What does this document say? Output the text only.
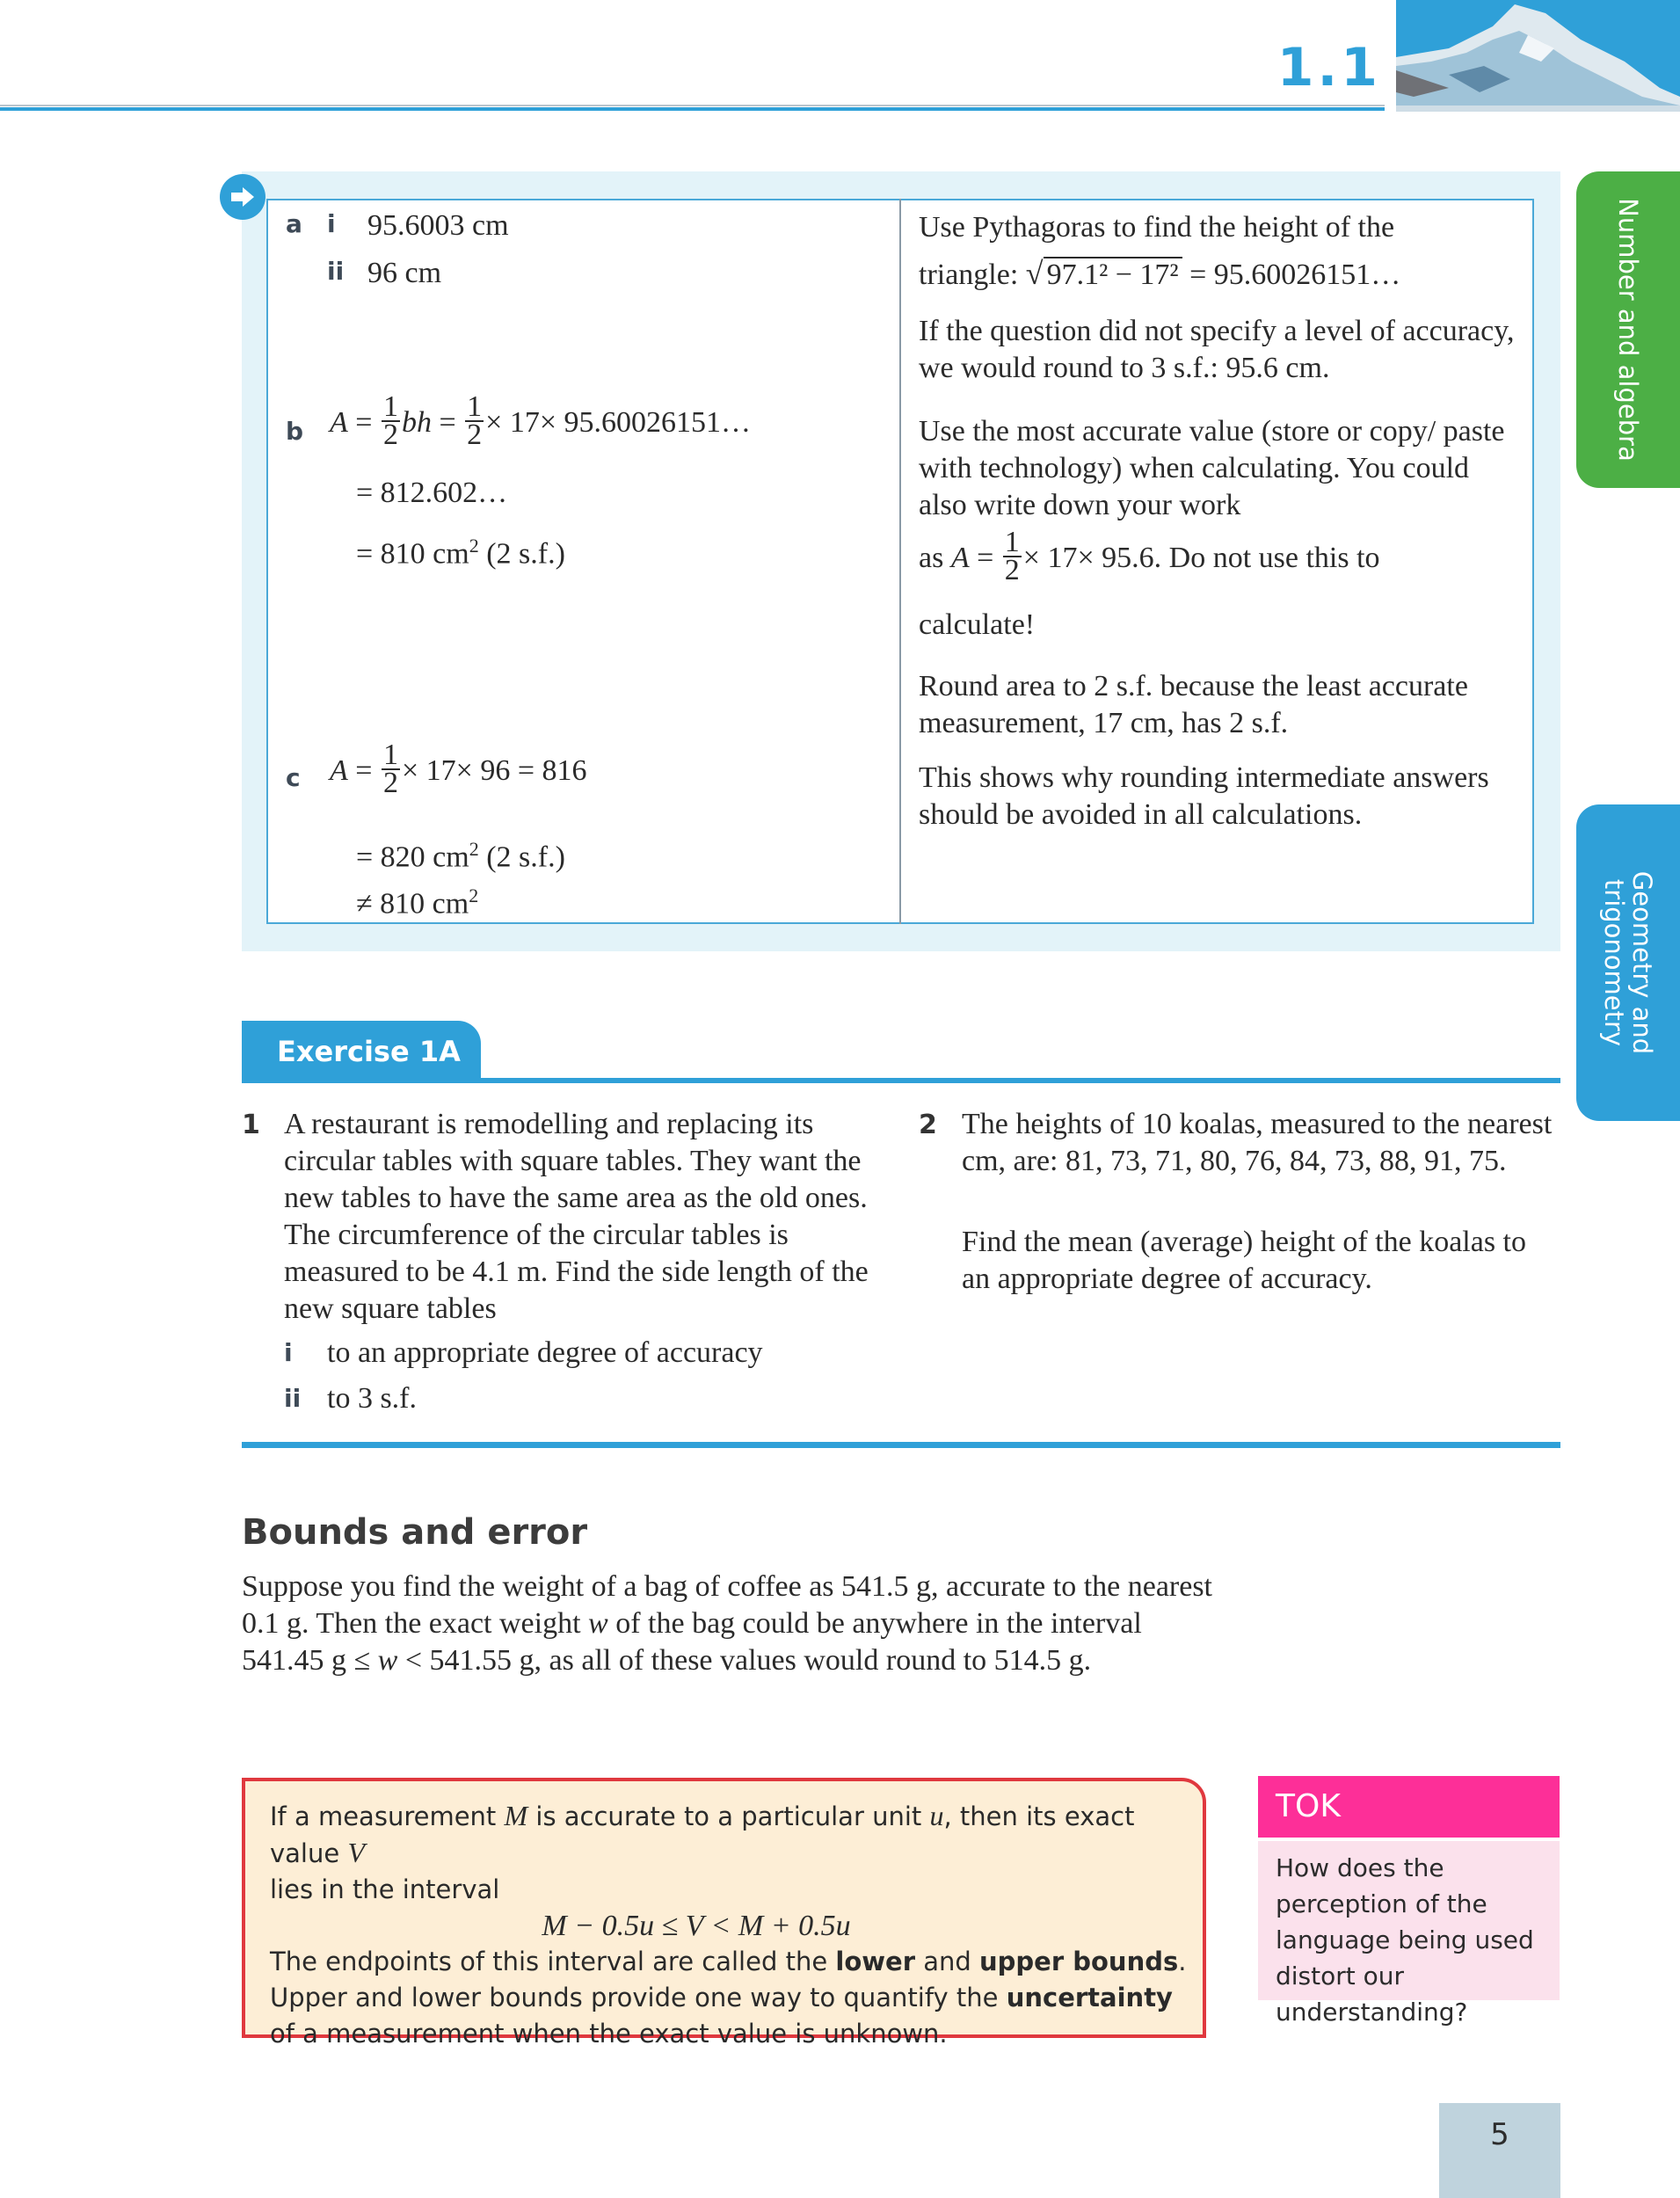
1.1
Number and algebra
Geometry and
trigonometry
a i 95.6003 cm
ii 96 cm
Use Pythagoras to find the height of the
triangle: √ 97.1² − 17² = 95.60026151…
If the question did not specify a level of accuracy, we would round to 3 s.f.: 95.6 cm.
b $A = \frac{1}{2}$ bh = $\frac{1}{2} \times 17\times$ 95.60026151…
= 812.602…
= 810 $cm^2$ (2 s.f.)
Use the most accurate value (store or copy/ paste with technology) when calculating. You could also write down your work
as $A = \frac{1}{2} \times 17\times 95.6$. Do not use this to
calculate!
Round area to 2 s.f. because the least accurate measurement, 17 cm, has 2 s.f.
c $A = \frac{1}{2} \times 17\times 96 = 816$
= 820 $cm^2$ (2 s.f.)
≠ 810 $cm^2$
This shows why rounding intermediate answers should be avoided in all calculations.
Exercise 1A
1 A restaurant is remodelling and replacing its circular tables with square tables. They want the new tables to have the same area as the old ones. The circumference of the circular tables is measured to be 4.1 m. Find the side length of the new square tables
i to an appropriate degree of accuracy
ii to 3 s.f.
2 The heights of 10 koalas, measured to the nearest cm, are: 81, 73, 71, 80, 76, 84, 73, 88, 91, 75.
Find the mean (average) height of the koalas to an appropriate degree of accuracy.
Bounds and error
Suppose you find the weight of a bag of coffee as 541.5 g, accurate to the nearest 0.1 g. Then the exact weight w of the bag could be anywhere in the interval 541.45 g ≤ w < 541.55 g, as all of these values would round to 514.5 g.
If a measurement M is accurate to a particular unit u, then its exact value V
lies in the interval
M − 0.5u ≤ V < M + 0.5u
The endpoints of this interval are called the lower and upper bounds.
Upper and lower bounds provide one way to quantify the uncertainty of a measurement when the exact value is unknown.
TOK
How does the perception of the language being used distort our understanding?
5
